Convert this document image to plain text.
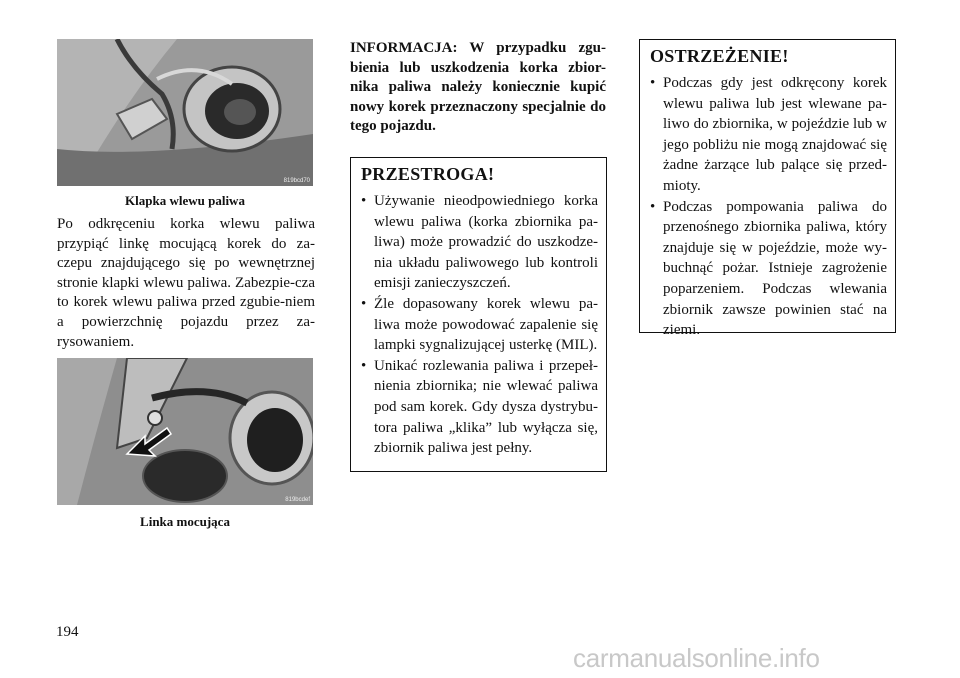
819bcd70
Klapka wlewu paliwa

Po odkręceniu korka wlewu paliwa przypiąć linkę mocującą korek do za-czepu znajdującego się po wewnętrznej stronie klapki wlewu paliwa. Zabezpie-cza to korek wlewu paliwa przed zgubie-niem a powierzchnię pojazdu przez za-rysowaniem.

819bcdef
Linka mocująca

INFORMACJA: W przypadku zgu-bienia lub uszkodzenia korka zbior-nika paliwa należy koniecznie kupić nowy korek przeznaczony specjalnie do tego pojazdu.

PRZESTROGA!
• Używanie nieodpowiedniego korka wlewu paliwa (korka zbiornika pa-liwa) może prowadzić do uszkodze-nia układu paliwowego lub kontroli emisji zanieczyszczeń.
• Źle dopasowany korek wlewu pa-liwa może powodować zapalenie się lampki sygnalizującej usterkę (MIL).
• Unikać rozlewania paliwa i przepeł-nienia zbiornika; nie wlewać paliwa pod sam korek. Gdy dysza dystrybu-tora paliwa „klika” lub wyłącza się, zbiornik paliwa jest pełny.
OSTRZEŻENIE!
• Podczas gdy jest odkręcony korek wlewu paliwa lub jest wlewane pa-liwo do zbiornika, w pojeździe lub w jego pobliżu nie mogą znajdować się żadne żarzące lub palące się przed-mioty.
• Podczas pompowania paliwa do przenośnego zbiornika paliwa, który znajduje się w pojeździe, może wy-buchnąć pożar. Istnieje zagrożenie poparzeniem. Podczas wlewania zbiornik zawsze powinien stać na ziemi.
194
carmanualsonline.info
